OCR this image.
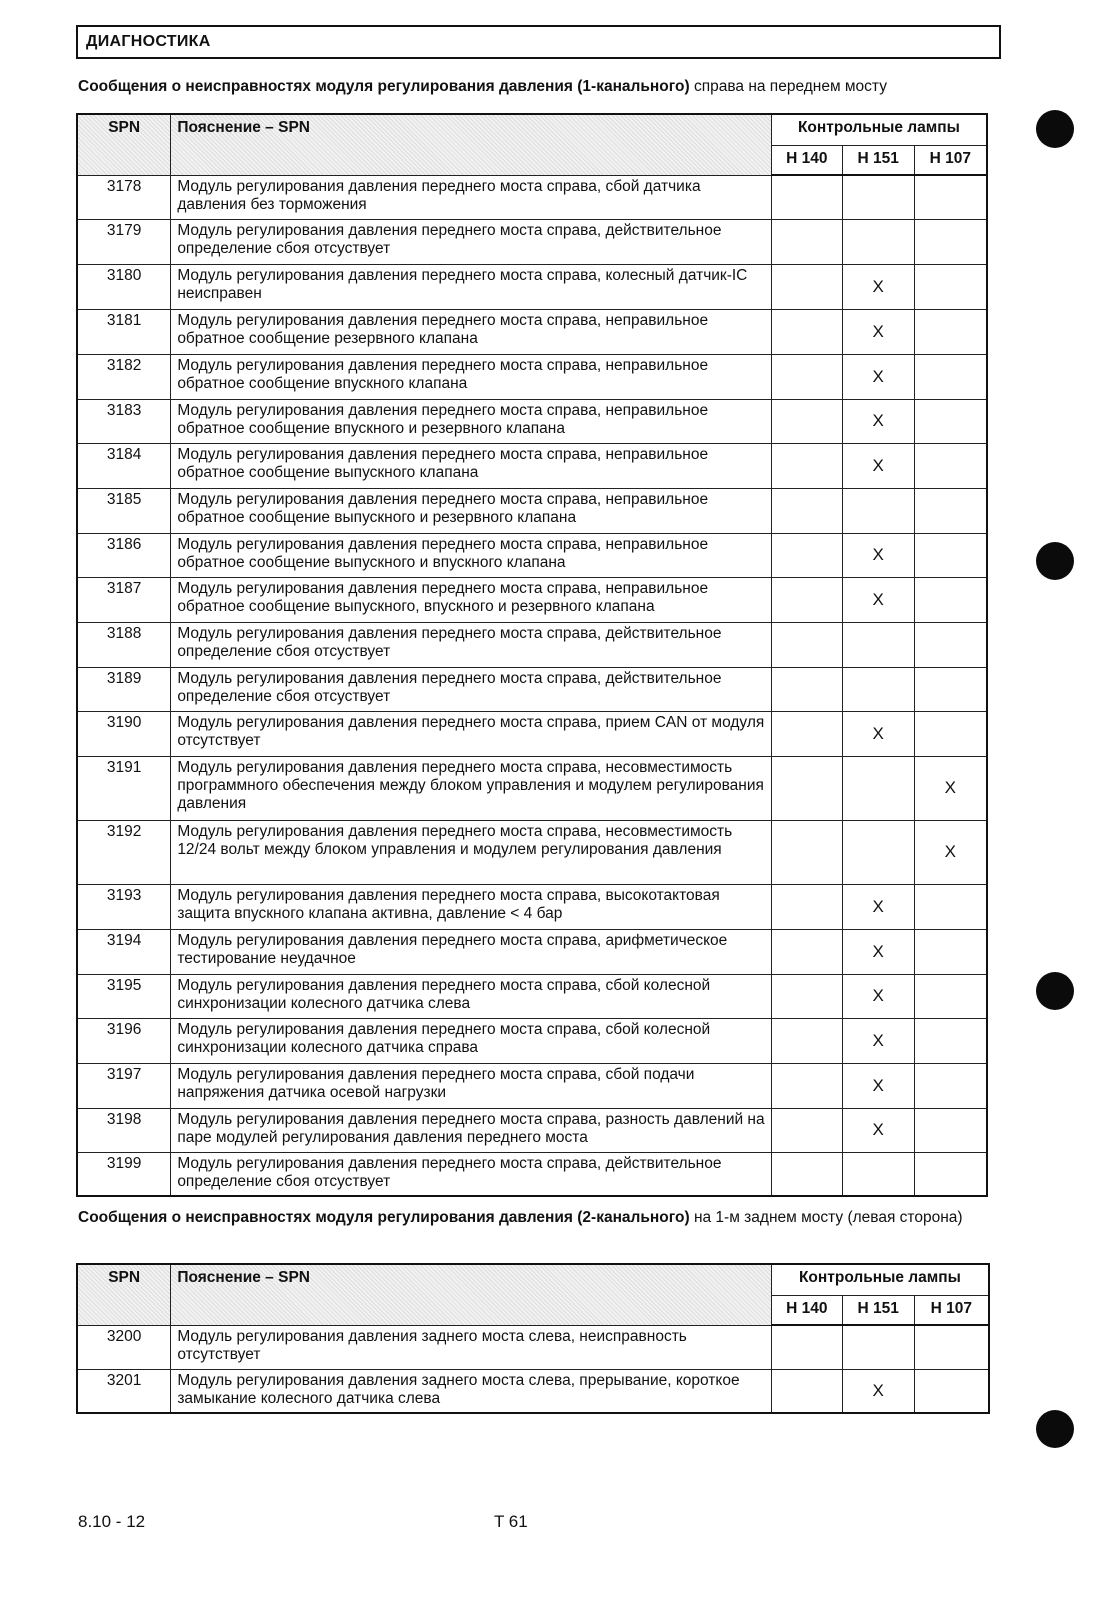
ДИАГНОСТИКА
Сообщения о неисправностях модуля регулирования давления (1-канального) справа на переднем мосту
SPN	Пояснение – SPN	Контрольные лампы		
		H 140	H 151	H 107
3178	Модуль регулирования давления переднего моста справа, сбой датчика давления без торможения			
3179	Модуль регулирования давления переднего моста справа, действительное определение сбоя отсуствует			
3180	Модуль регулирования давления переднего моста справа, колесный датчик-IC неисправен		X	
3181	Модуль регулирования давления переднего моста справа, неправильное обратное сообщение резервного клапана		X	
3182	Модуль регулирования давления переднего моста справа, неправильное обратное сообщение впускного клапана		X	
3183	Модуль регулирования давления переднего моста справа, неправильное обратное сообщение впускного и резервного клапана		X	
3184	Модуль регулирования давления переднего моста справа, неправильное обратное сообщение выпускного клапана		X	
3185	Модуль регулирования давления переднего моста справа, неправильное обратное сообщение выпускного и резервного клапана			
3186	Модуль регулирования давления переднего моста справа, неправильное обратное сообщение выпускного и впускного клапана		X	
3187	Модуль регулирования давления переднего моста справа, неправильное обратное сообщение выпускного, впускного и резервного клапана		X	
3188	Модуль регулирования давления переднего моста справа, действительное определение сбоя отсуствует			
3189	Модуль регулирования давления переднего моста справа, действительное определение сбоя отсуствует			
3190	Модуль регулирования давления переднего моста справа, прием CAN от модуля отсутствует		X	
3191	Модуль регулирования давления переднего моста справа, несовместимость программного обеспечения между блоком управления и модулем регулирования давления			X
3192	Модуль регулирования давления переднего моста справа, несовместимость 12/24 вольт между блоком управления и модулем регулирования давления			X
3193	Модуль регулирования давления переднего моста справа, высокотактовая защита впускного клапана активна, давление < 4 бар		X	
3194	Модуль регулирования давления переднего моста справа, арифметическое тестирование неудачное		X	
3195	Модуль регулирования давления переднего моста справа, сбой колесной синхронизации колесного датчика слева		X	
3196	Модуль регулирования давления переднего моста справа, сбой колесной синхронизации колесного датчика справа		X	
3197	Модуль регулирования давления переднего моста справа, сбой подачи напряжения датчика осевой нагрузки		X	
3198	Модуль регулирования давления переднего моста справа, разность давлений на паре модулей регулирования давления переднего моста		X	
3199	Модуль регулирования давления переднего моста справа, действительное определение сбоя отсуствует			
Сообщения о неисправностях модуля регулирования давления (2-канального) на 1-м заднем мосту (левая сторона)
SPN	Пояснение – SPN	Контрольные лампы		
		H 140	H 151	H 107
3200	Модуль регулирования давления заднего моста слева, неисправность отсутствует			
3201	Модуль регулирования давления заднего моста слева, прерывание, короткое замыкание колесного датчика слева		X	
8.10 - 12	T 61
